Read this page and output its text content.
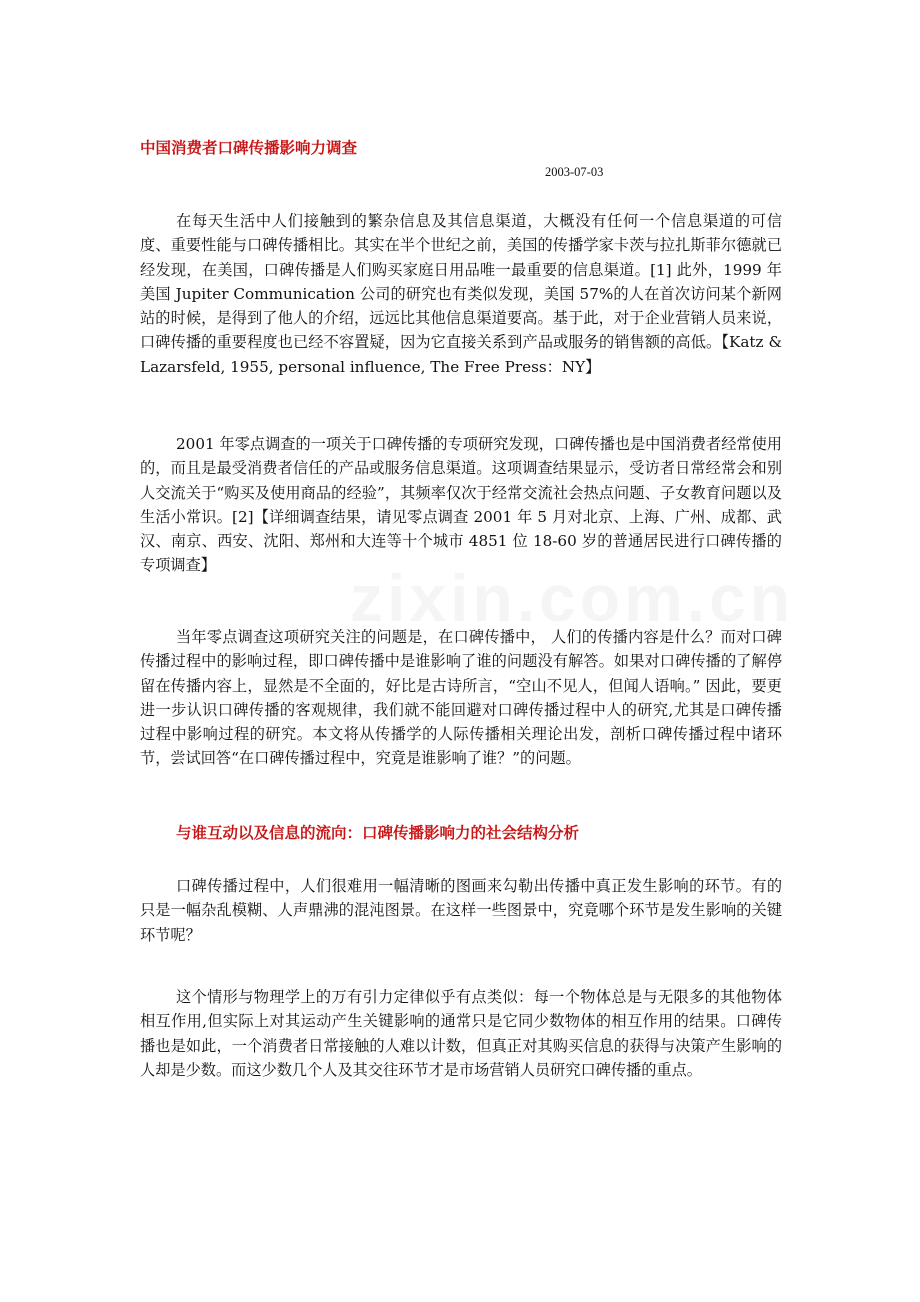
zixin.com.cn
中国消费者口碑传播影响力调查

2003-07-03

在每天生活中人们接触到的繁杂信息及其信息渠道，大概没有任何一个信息渠道的可信度、重要性能与口碑传播相比。其实在半个世纪之前，美国的传播学家卡茨与拉扎斯菲尔德就已经发现，在美国，口碑传播是人们购买家庭日用品唯一最重要的信息渠道。[1] 此外，1999 年美国 Jupiter Communication 公司的研究也有类似发现，美国 57%的人在首次访问某个新网站的时候，是得到了他人的介绍，远远比其他信息渠道要高。基于此，对于企业营销人员来说，口碑传播的重要程度也已经不容置疑，因为它直接关系到产品或服务的销售额的高低。【Katz & Lazarsfeld, 1955, personal influence, The Free Press：NY】

2001 年零点调查的一项关于口碑传播的专项研究发现，口碑传播也是中国消费者经常使用的，而且是最受消费者信任的产品或服务信息渠道。这项调查结果显示，受访者日常经常会和别人交流关于“购买及使用商品的经验”，其频率仅次于经常交流社会热点问题、子女教育问题以及生活小常识。[2]【详细调查结果，请见零点调查 2001 年 5 月对北京、上海、广州、成都、武汉、南京、西安、沈阳、郑州和大连等十个城市 4851 位 18-60 岁的普通居民进行口碑传播的专项调查】

当年零点调查这项研究关注的问题是，在口碑传播中， 人们的传播内容是什么？而对口碑传播过程中的影响过程，即口碑传播中是谁影响了谁的问题没有解答。如果对口碑传播的了解停留在传播内容上，显然是不全面的，好比是古诗所言，“空山不见人，但闻人语响。” 因此，要更进一步认识口碑传播的客观规律，我们就不能回避对口碑传播过程中人的研究,尤其是口碑传播过程中影响过程的研究。本文将从传播学的人际传播相关理论出发，剖析口碑传播过程中诸环节，尝试回答“在口碑传播过程中，究竟是谁影响了谁？”的问题。

与谁互动以及信息的流向：口碑传播影响力的社会结构分析

口碑传播过程中，人们很难用一幅清晰的图画来勾勒出传播中真正发生影响的环节。有的只是一幅杂乱模糊、人声鼎沸的混沌图景。在这样一些图景中，究竟哪个环节是发生影响的关键环节呢？

这个情形与物理学上的万有引力定律似乎有点类似：每一个物体总是与无限多的其他物体相互作用,但实际上对其运动产生关键影响的通常只是它同少数物体的相互作用的结果。口碑传播也是如此，一个消费者日常接触的人难以计数，但真正对其购买信息的获得与决策产生影响的人却是少数。而这少数几个人及其交往环节才是市场营销人员研究口碑传播的重点。
